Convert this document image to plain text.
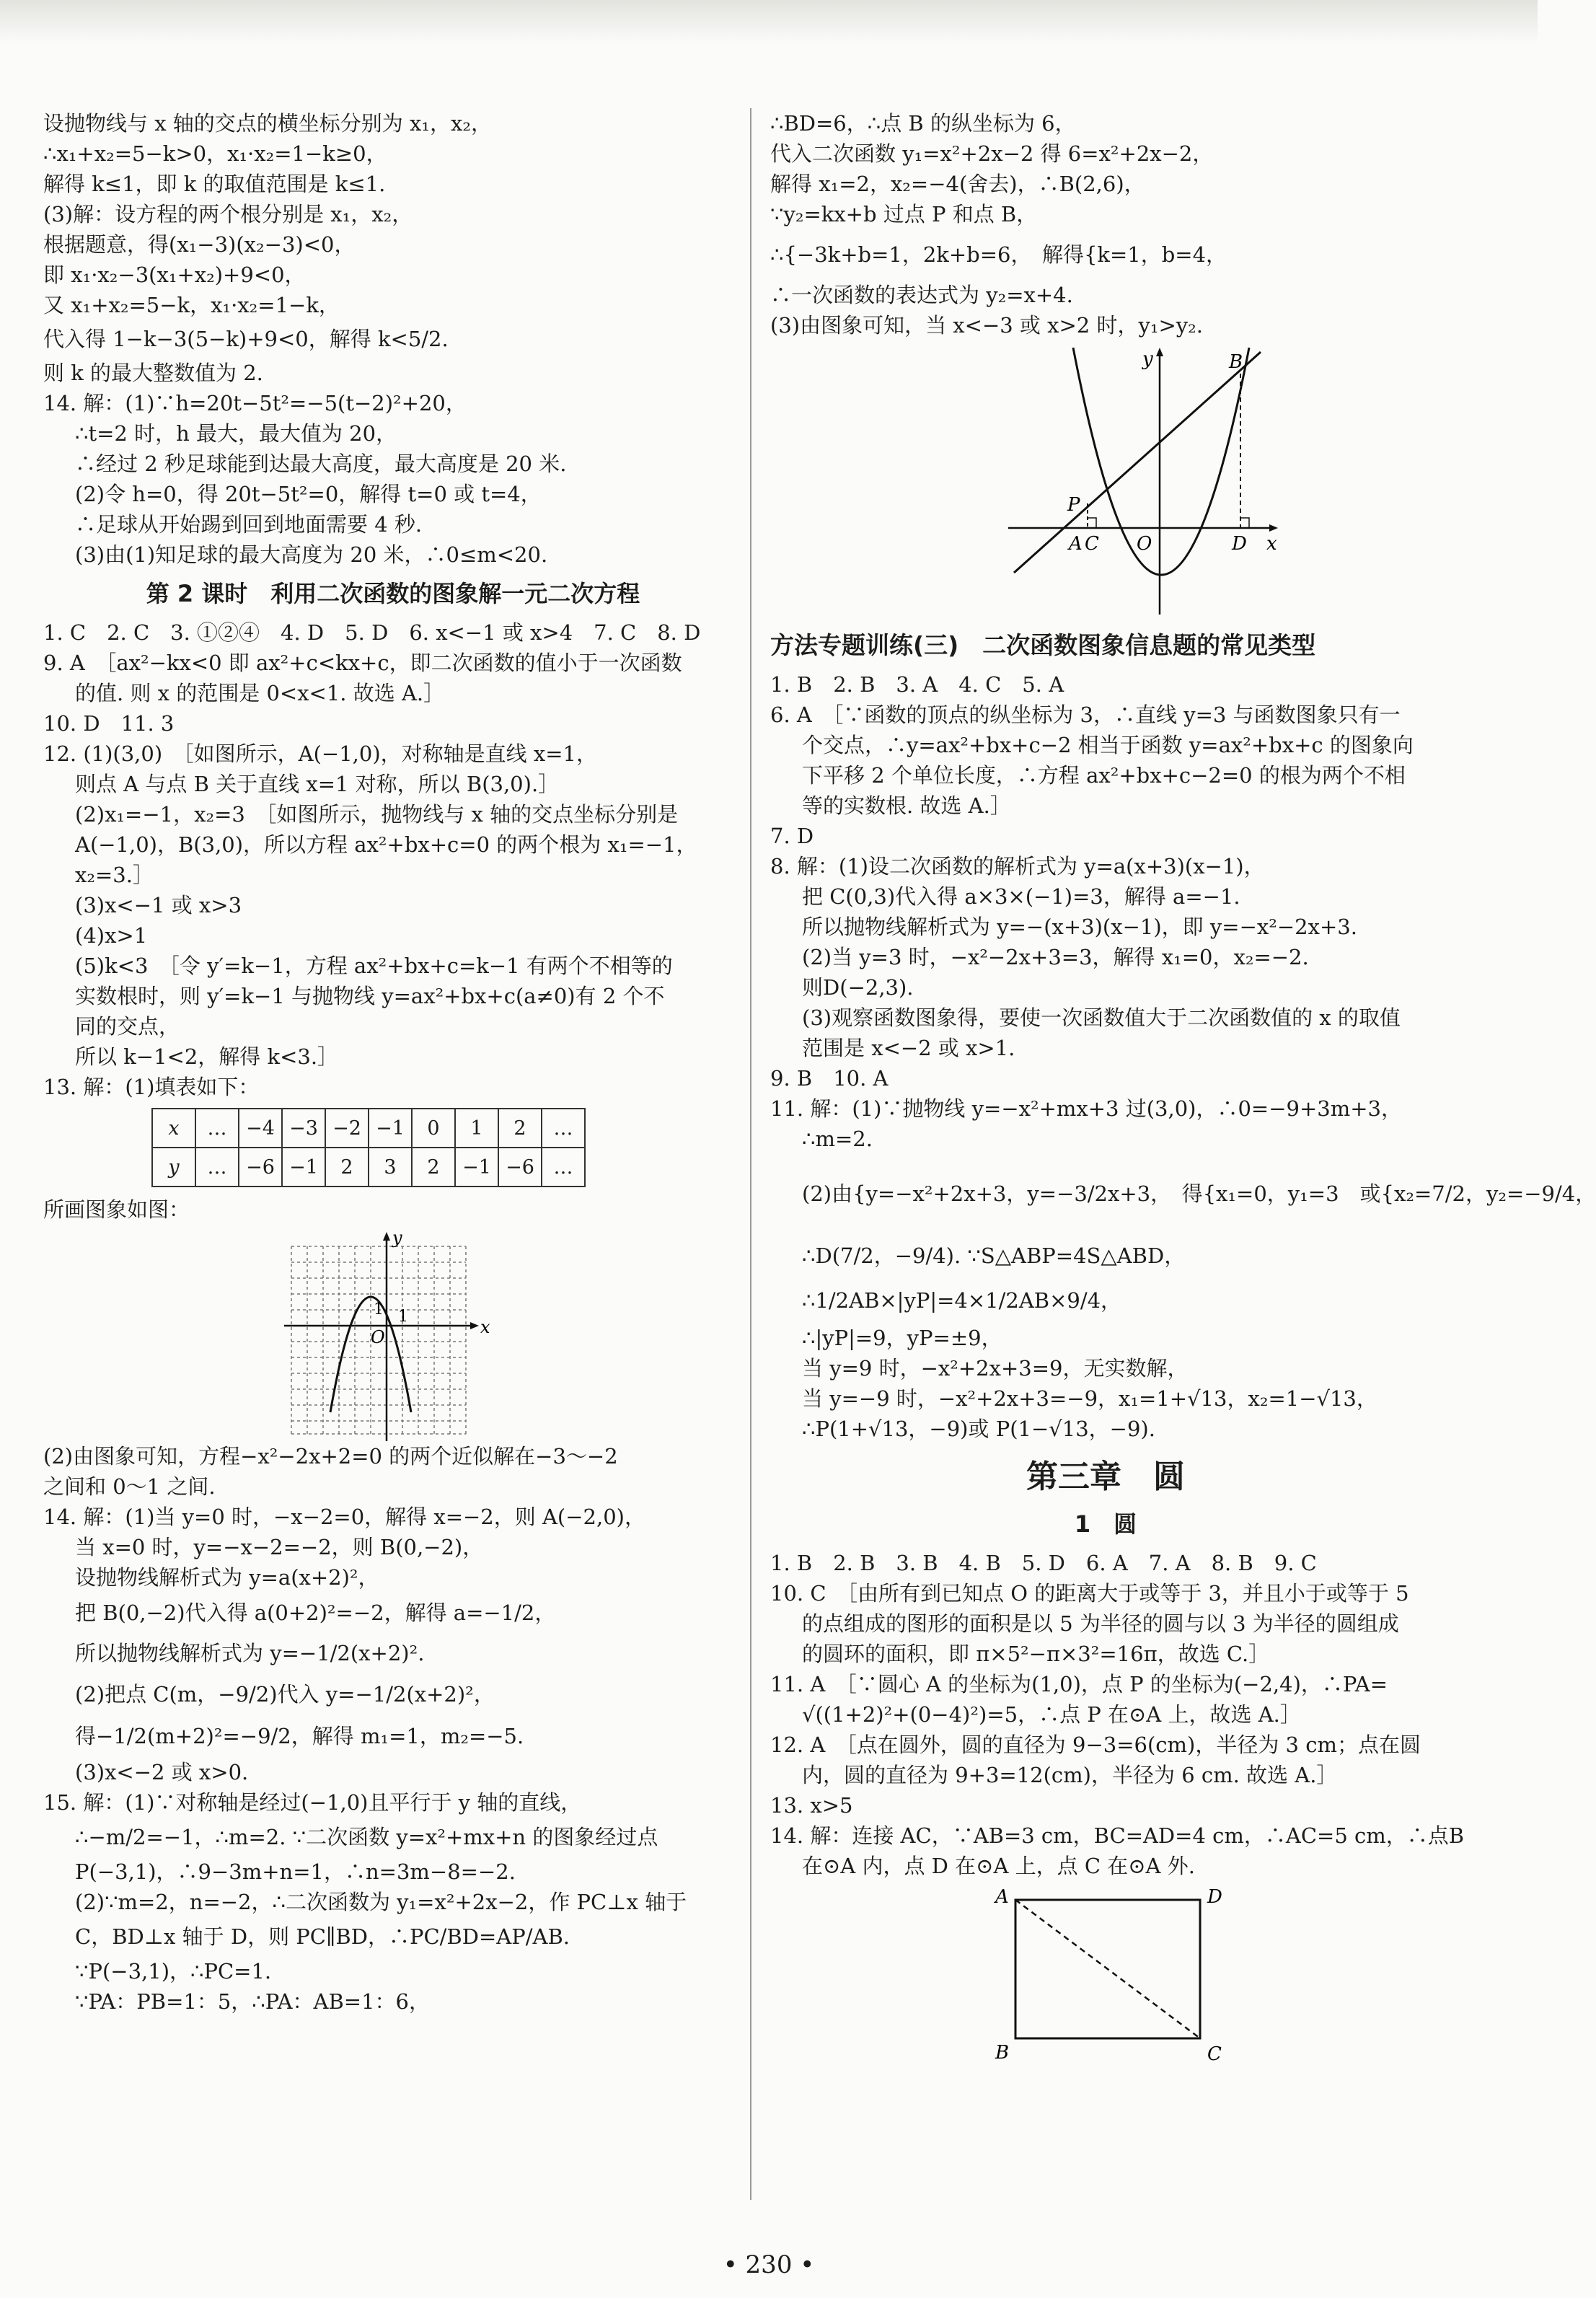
设抛物线与 x 轴的交点的横坐标分别为 x₁，x₂，
∴x₁+x₂=5−k>0，x₁·x₂=1−k≥0，
解得 k≤1，即 k 的取值范围是 k≤1.
(3)解：设方程的两个根分别是 x₁，x₂，
根据题意，得(x₁−3)(x₂−3)<0，
即 x₁·x₂−3(x₁+x₂)+9<0，
又 x₁+x₂=5−k，x₁·x₂=1−k，
代入得 1−k−3(5−k)+9<0，解得 k<5/2.
则 k 的最大整数值为 2.
14. 解：(1)∵h=20t−5t²=−5(t−2)²+20，
∴t=2 时，h 最大，最大值为 20，
∴经过 2 秒足球能到达最大高度，最大高度是 20 米.
(2)令 h=0，得 20t−5t²=0，解得 t=0 或 t=4，
∴足球从开始踢到回到地面需要 4 秒.
(3)由(1)知足球的最大高度为 20 米，∴0≤m<20.
第 2 课时　利用二次函数的图象解一元二次方程
1. C　2. C　3. ①②④　4. D　5. D　6. x<−1 或 x>4　7. C　8. D
9. A　［ax²−kx<0 即 ax²+c<kx+c，即二次函数的值小于一次函数
的值. 则 x 的范围是 0<x<1. 故选 A.］
10. D　11. 3
12. (1)(3,0)　［如图所示，A(−1,0)，对称轴是直线 x=1，
则点 A 与点 B 关于直线 x=1 对称，所以 B(3,0).］
(2)x₁=−1，x₂=3　［如图所示，抛物线与 x 轴的交点坐标分别是
A(−1,0)，B(3,0)，所以方程 ax²+bx+c=0 的两个根为 x₁=−1，
x₂=3.］
(3)x<−1 或 x>3
(4)x>1
(5)k<3　［令 y′=k−1，方程 ax²+bx+c=k−1 有两个不相等的
实数根时，则 y′=k−1 与抛物线 y=ax²+bx+c(a≠0)有 2 个不
同的交点，
所以 k−1<2，解得 k<3.］
13. 解：(1)填表如下：
x	…	−4	−3	−2	−1	0	1	2	…
y	…	−6	−1	2	3	2	−1	−6	…
所画图象如图：
y
x
O
1 1
(2)由图象可知，方程−x²−2x+2=0 的两个近似解在−3～−2
之间和 0～1 之间.
14. 解：(1)当 y=0 时，−x−2=0，解得 x=−2，则 A(−2,0)，
当 x=0 时，y=−x−2=−2，则 B(0,−2)，
设抛物线解析式为 y=a(x+2)²，
把 B(0,−2)代入得 a(0+2)²=−2，解得 a=−1/2，
所以抛物线解析式为 y=−1/2(x+2)².
(2)把点 C(m，−9/2)代入 y=−1/2(x+2)²，
得−1/2(m+2)²=−9/2，解得 m₁=1，m₂=−5.
(3)x<−2 或 x>0.
15. 解：(1)∵对称轴是经过(−1,0)且平行于 y 轴的直线，
∴−m/2=−1，∴m=2. ∵二次函数 y=x²+mx+n 的图象经过点
P(−3,1)，∴9−3m+n=1，∴n=3m−8=−2.
(2)∵m=2，n=−2，∴二次函数为 y₁=x²+2x−2，作 PC⊥x 轴于
C，BD⊥x 轴于 D，则 PC∥BD，∴PC/BD=AP/AB.
∵P(−3,1)，∴PC=1.
∵PA：PB=1：5，∴PA：AB=1：6，
∴BD=6，∴点 B 的纵坐标为 6，
代入二次函数 y₁=x²+2x−2 得 6=x²+2x−2，
解得 x₁=2，x₂=−4(舍去)，∴B(2,6)，
∵y₂=kx+b 过点 P 和点 B，
∴{−3k+b=1，2k+b=6，　解得{k=1，b=4，
∴一次函数的表达式为 y₂=x+4.
(3)由图象可知，当 x<−3 或 x>2 时，y₁>y₂.
y	B
P
A C O	D x
方法专题训练(三)　二次函数图象信息题的常见类型
1. B　2. B　3. A　4. C　5. A
6. A　［∵函数的顶点的纵坐标为 3，∴直线 y=3 与函数图象只有一
个交点，∴y=ax²+bx+c−2 相当于函数 y=ax²+bx+c 的图象向
下平移 2 个单位长度，∴方程 ax²+bx+c−2=0 的根为两个不相
等的实数根. 故选 A.］
7. D
8. 解：(1)设二次函数的解析式为 y=a(x+3)(x−1)，
把 C(0,3)代入得 a×3×(−1)=3，解得 a=−1.
所以抛物线解析式为 y=−(x+3)(x−1)，即 y=−x²−2x+3.
(2)当 y=3 时，−x²−2x+3=3，解得 x₁=0，x₂=−2.
则D(−2,3).
(3)观察函数图象得，要使一次函数值大于二次函数值的 x 的取值
范围是 x<−2 或 x>1.
9. B　10. A
11. 解：(1)∵抛物线 y=−x²+mx+3 过(3,0)，∴0=−9+3m+3，
∴m=2.
(2)由{y=−x²+2x+3，y=−3/2x+3，　得{x₁=0，y₁=3　或{x₂=7/2，y₂=−9/4，
∴D(7/2，−9/4). ∵S△ABP=4S△ABD，
∴1/2AB×|yP|=4×1/2AB×9/4，
∴|yP|=9，yP=±9，
当 y=9 时，−x²+2x+3=9，无实数解，
当 y=−9 时，−x²+2x+3=−9，x₁=1+√13，x₂=1−√13，
∴P(1+√13，−9)或 P(1−√13，−9).
第三章　圆
1　圆
1. B　2. B　3. B　4. B　5. D　6. A　7. A　8. B　9. C
10. C　［由所有到已知点 O 的距离大于或等于 3，并且小于或等于 5
的点组成的图形的面积是以 5 为半径的圆与以 3 为半径的圆组成
的圆环的面积，即 π×5²−π×3²=16π，故选 C.］
11. A　［∵圆心 A 的坐标为(1,0)，点 P 的坐标为(−2,4)，∴PA=
√((1+2)²+(0−4)²)=5，∴点 P 在⊙A 上，故选 A.］
12. A　［点在圆外，圆的直径为 9−3=6(cm)，半径为 3 cm；点在圆
内，圆的直径为 9+3=12(cm)，半径为 6 cm. 故选 A.］
13. x>5
14. 解：连接 AC，∵AB=3 cm，BC=AD=4 cm，∴AC=5 cm，∴点B
在⊙A 内，点 D 在⊙A 上，点 C 在⊙A 外.
A	D
B	C
• 230 •
